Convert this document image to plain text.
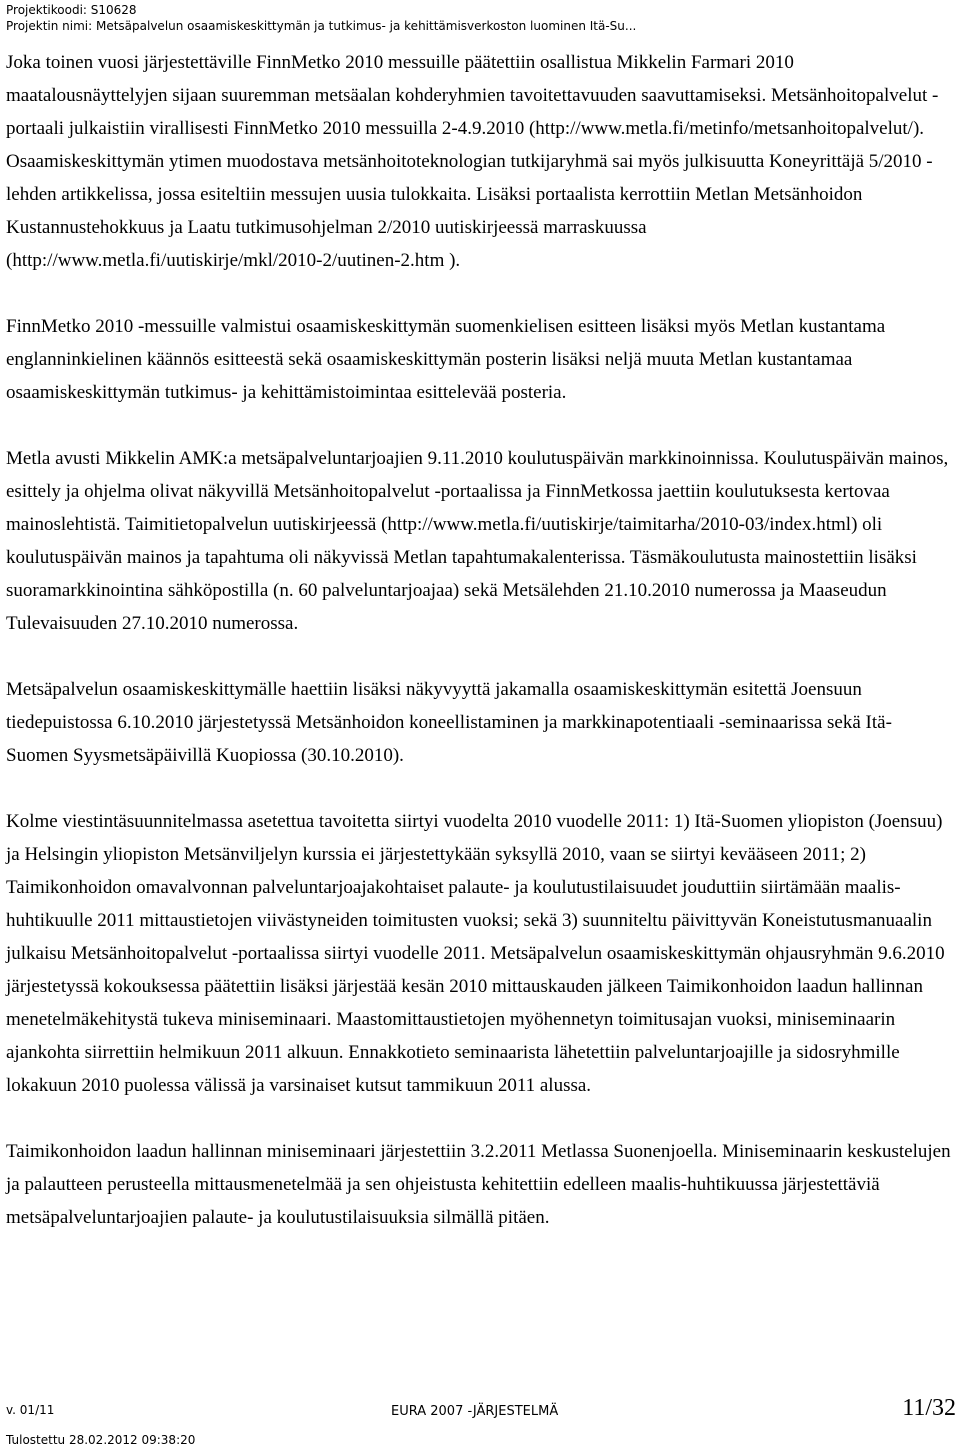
Projektikoodi: S10628
Projektin nimi: Metsäpalvelun osaamiskeskittymän ja tutkimus- ja kehittämisverkoston luominen Itä-Su...

Joka toinen vuosi järjestettäville FinnMetko 2010 messuille päätettiin osallistua Mikkelin Farmari 2010 maatalousnäyttelyjen sijaan suuremman metsäalan kohderyhmien tavoitettavuuden saavuttamiseksi. Metsänhoitopalvelut -portaali julkaistiin virallisesti FinnMetko 2010 messuilla 2-4.9.2010 (http://www.metla.fi/metinfo/metsanhoitopalvelut/). Osaamiskeskittymän ytimen muodostava metsänhoitoteknologian tutkijaryhmä sai myös julkisuutta Koneyrittäjä 5/2010 -lehden artikkelissa, jossa esiteltiin messujen uusia tulokkaita. Lisäksi portaalista kerrottiin Metlan Metsänhoidon Kustannustehokkuus ja Laatu tutkimusohjelman 2/2010 uutiskirjeessä marraskuussa (http://www.metla.fi/uutiskirje/mkl/2010-2/uutinen-2.htm ).

FinnMetko 2010 -messuille valmistui osaamiskeskittymän suomenkielisen esitteen lisäksi myös Metlan kustantama englanninkielinen käännös esitteestä sekä osaamiskeskittymän posterin lisäksi neljä muuta Metlan kustantamaa osaamiskeskittymän tutkimus- ja kehittämistoimintaa esittelevää posteria.

Metla avusti Mikkelin AMK:a metsäpalveluntarjoajien 9.11.2010 koulutuspäivän markkinoinnissa. Koulutuspäivän mainos, esittely ja ohjelma olivat näkyvillä Metsänhoitopalvelut -portaalissa ja FinnMetkossa jaettiin koulutuksesta kertovaa mainoslehtistä. Taimitietopalvelun uutiskirjeessä (http://www.metla.fi/uutiskirje/taimitarha/2010-03/index.html) oli koulutuspäivän mainos ja tapahtuma oli näkyvissä Metlan tapahtumakalenterissa. Täsmäkoulutusta mainostettiin lisäksi suoramarkkinointina sähköpostilla (n. 60 palveluntarjoajaa) sekä Metsälehden 21.10.2010 numerossa ja Maaseudun Tulevaisuuden 27.10.2010 numerossa.

Metsäpalvelun osaamiskeskittymälle haettiin lisäksi näkyvyyttä jakamalla osaamiskeskittymän esitettä Joensuun tiedepuistossa 6.10.2010 järjestetyssä Metsänhoidon koneellistaminen ja markkinapotentiaali -seminaarissa sekä Itä-Suomen Syysmetsäpäivillä Kuopiossa (30.10.2010).

Kolme viestintäsuunnitelmassa asetettua tavoitetta siirtyi vuodelta 2010 vuodelle 2011: 1) Itä-Suomen yliopiston (Joensuu) ja Helsingin yliopiston Metsänviljelyn kurssia ei järjestettykään syksyllä 2010, vaan se siirtyi kevääseen 2011; 2) Taimikonhoidon omavalvonnan palveluntarjoajakohtaiset palaute- ja koulutustilaisuudet jouduttiin siirtämään maalis-huhtikuulle 2011 mittaustietojen viivästyneiden toimitusten vuoksi; sekä 3) suunniteltu päivittyvän Koneistutusmanuaalin julkaisu Metsänhoitopalvelut -portaalissa siirtyi vuodelle 2011. Metsäpalvelun osaamiskeskittymän ohjausryhmän 9.6.2010 järjestetyssä kokouksessa päätettiin lisäksi järjestää kesän 2010 mittauskauden jälkeen Taimikonhoidon laadun hallinnan menetelmäkehitystä tukeva miniseminaari. Maastomittaustietojen myöhennetyn toimitusajan vuoksi, miniseminaarin ajankohta siirrettiin helmikuun 2011 alkuun. Ennakkotieto seminaarista lähetettiin palveluntarjoajille ja sidosryhmille lokakuun 2010 puolessa välissä ja varsinaiset kutsut tammikuun 2011 alussa.

Taimikonhoidon laadun hallinnan miniseminaari järjestettiin 3.2.2011 Metlassa Suonenjoella. Miniseminaarin keskustelujen ja palautteen perusteella mittausmenetelmää ja sen ohjeistusta kehitettiin edelleen maalis-huhtikuussa järjestettäviä metsäpalveluntarjoajien palaute- ja koulutustilaisuuksia silmällä pitäen.

v. 01/11	EURA 2007 -JÄRJESTELMÄ	11/32
Tulostettu 28.02.2012 09:38:20
